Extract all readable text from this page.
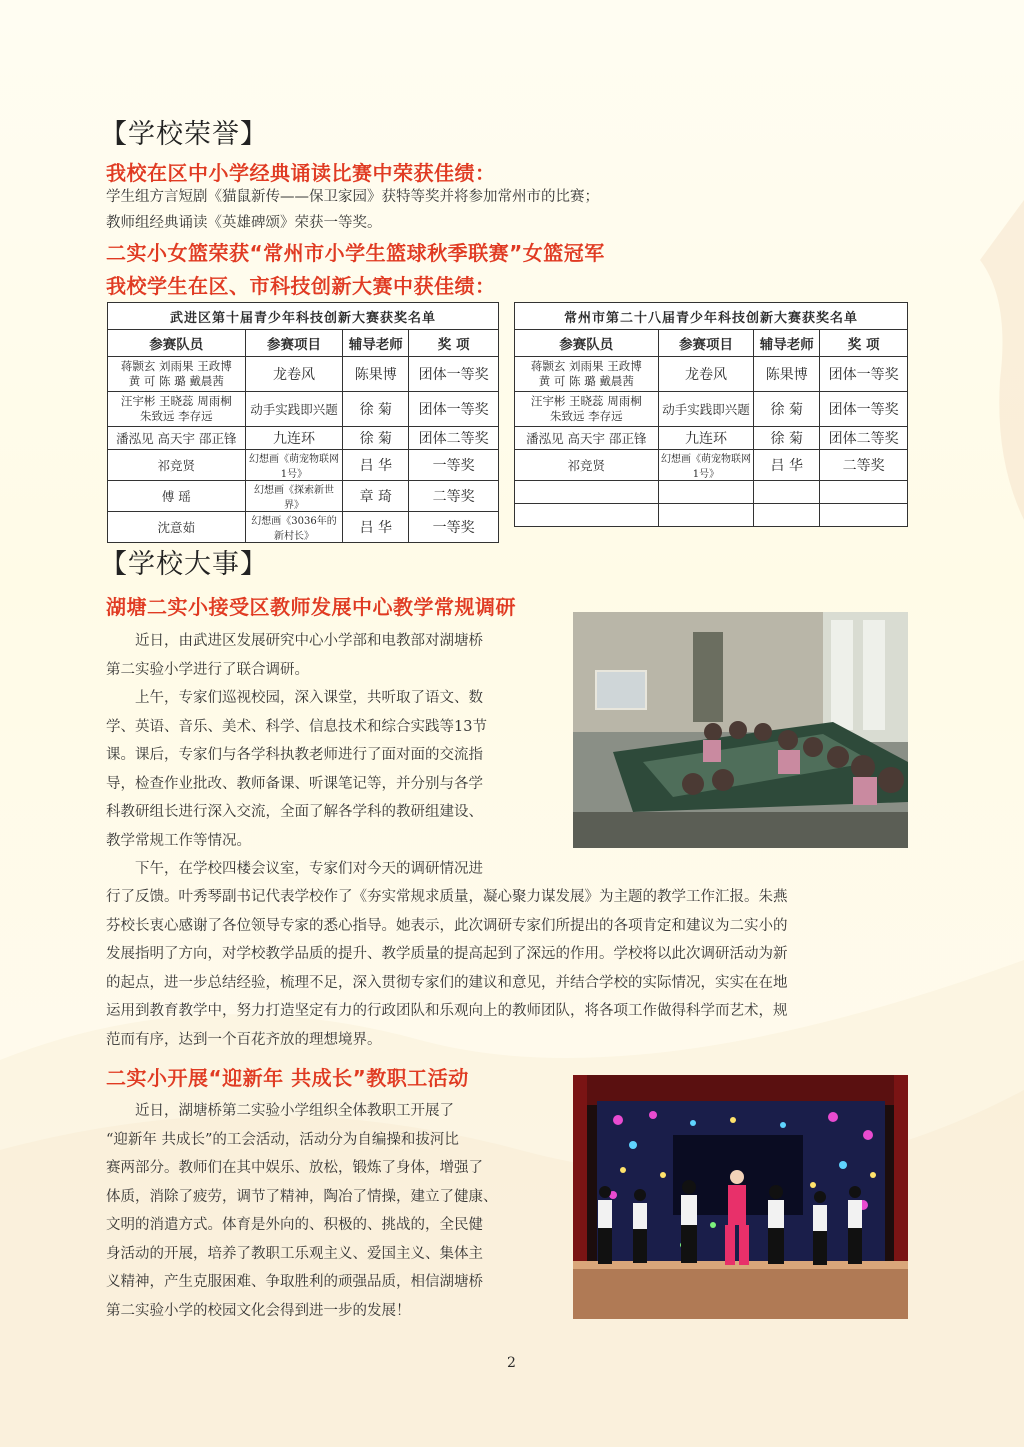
【学校荣誉】
我校在区中小学经典诵读比赛中荣获佳绩：
学生组方言短剧《猫鼠新传——保卫家园》获特等奖并将参加常州市的比赛；
教师组经典诵读《英雄碑颂》荣获一等奖。
二实小女篮荣获“常州市小学生篮球秋季联赛”女篮冠军
我校学生在区、市科技创新大赛中获佳绩：
武进区第十届青少年科技创新大赛获奖名单			
参赛队员	参赛项目	辅导老师	奖 项

蒋颢玄 刘雨果 王政博
黄 可 陈 璐 戴晨茜	龙卷风	陈果博	团体一等奖

汪宇彬 王晓蕊 周雨桐
朱致远 李存远	动手实践即兴题	徐 菊	团体一等奖
潘泓见 高天宇 邵正锋	九连环	徐 菊	团体二等奖
祁竞贤	幻想画《萌宠物联网1号》	吕 华	一等奖
傅 瑶	幻想画《探索新世界》	章 琦	二等奖
沈意茹	幻想画《3036年的新村长》	吕 华	一等奖
常州市第二十八届青少年科技创新大赛获奖名单			
参赛队员	参赛项目	辅导老师	奖 项

蒋颢玄 刘雨果 王政博
黄 可 陈 璐 戴晨茜	龙卷风	陈果博	团体一等奖

汪宇彬 王晓蕊 周雨桐
朱致远 李存远	动手实践即兴题	徐 菊	团体一等奖
潘泓见 高天宇 邵正锋	九连环	徐 菊	团体二等奖
祁竞贤	幻想画《萌宠物联网1号》	吕 华	二等奖

【学校大事】
湖塘二实小接受区教师发展中心教学常规调研

近日，由武进区发展研究中心小学部和电教部对湖塘桥

第二实验小学进行了联合调研。

上午，专家们巡视校园，深入课堂，共听取了语文、数

学、英语、音乐、美术、科学、信息技术和综合实践等13节
课。课后，专家们与各学科执教老师进行了面对面的交流指
导，检查作业批改、教师备课、听课笔记等，并分别与各学
科教研组长进行深入交流，全面了解各学科的教研组建设、
教学常规工作等情况。

下午，在学校四楼会议室，专家们对今天的调研情况进

行了反馈。叶秀琴副书记代表学校作了《夯实常规求质量，凝心聚力谋发展》为主题的教学工作汇报。朱燕
芬校长衷心感谢了各位领导专家的悉心指导。她表示，此次调研专家们所提出的各项肯定和建议为二实小的
发展指明了方向，对学校教学品质的提升、教学质量的提高起到了深远的作用。学校将以此次调研活动为新
的起点，进一步总结经验，梳理不足，深入贯彻专家们的建议和意见，并结合学校的实际情况，实实在在地
运用到教育教学中，努力打造坚定有力的行政团队和乐观向上的教师团队，将各项工作做得科学而艺术，规
范而有序，达到一个百花齐放的理想境界。
二实小开展“迎新年 共成长”教职工活动

近日，湖塘桥第二实验小学组织全体教职工开展了

“迎新年 共成长”的工会活动，活动分为自编操和拔河比
赛两部分。教师们在其中娱乐、放松，锻炼了身体，增强了
体质，消除了疲劳，调节了精神，陶冶了情操，建立了健康、
文明的消遣方式。体育是外向的、积极的、挑战的，全民健
身活动的开展，培养了教职工乐观主义、爱国主义、集体主
义精神，产生克服困难、争取胜利的顽强品质，相信湖塘桥
第二实验小学的校园文化会得到进一步的发展！
2
